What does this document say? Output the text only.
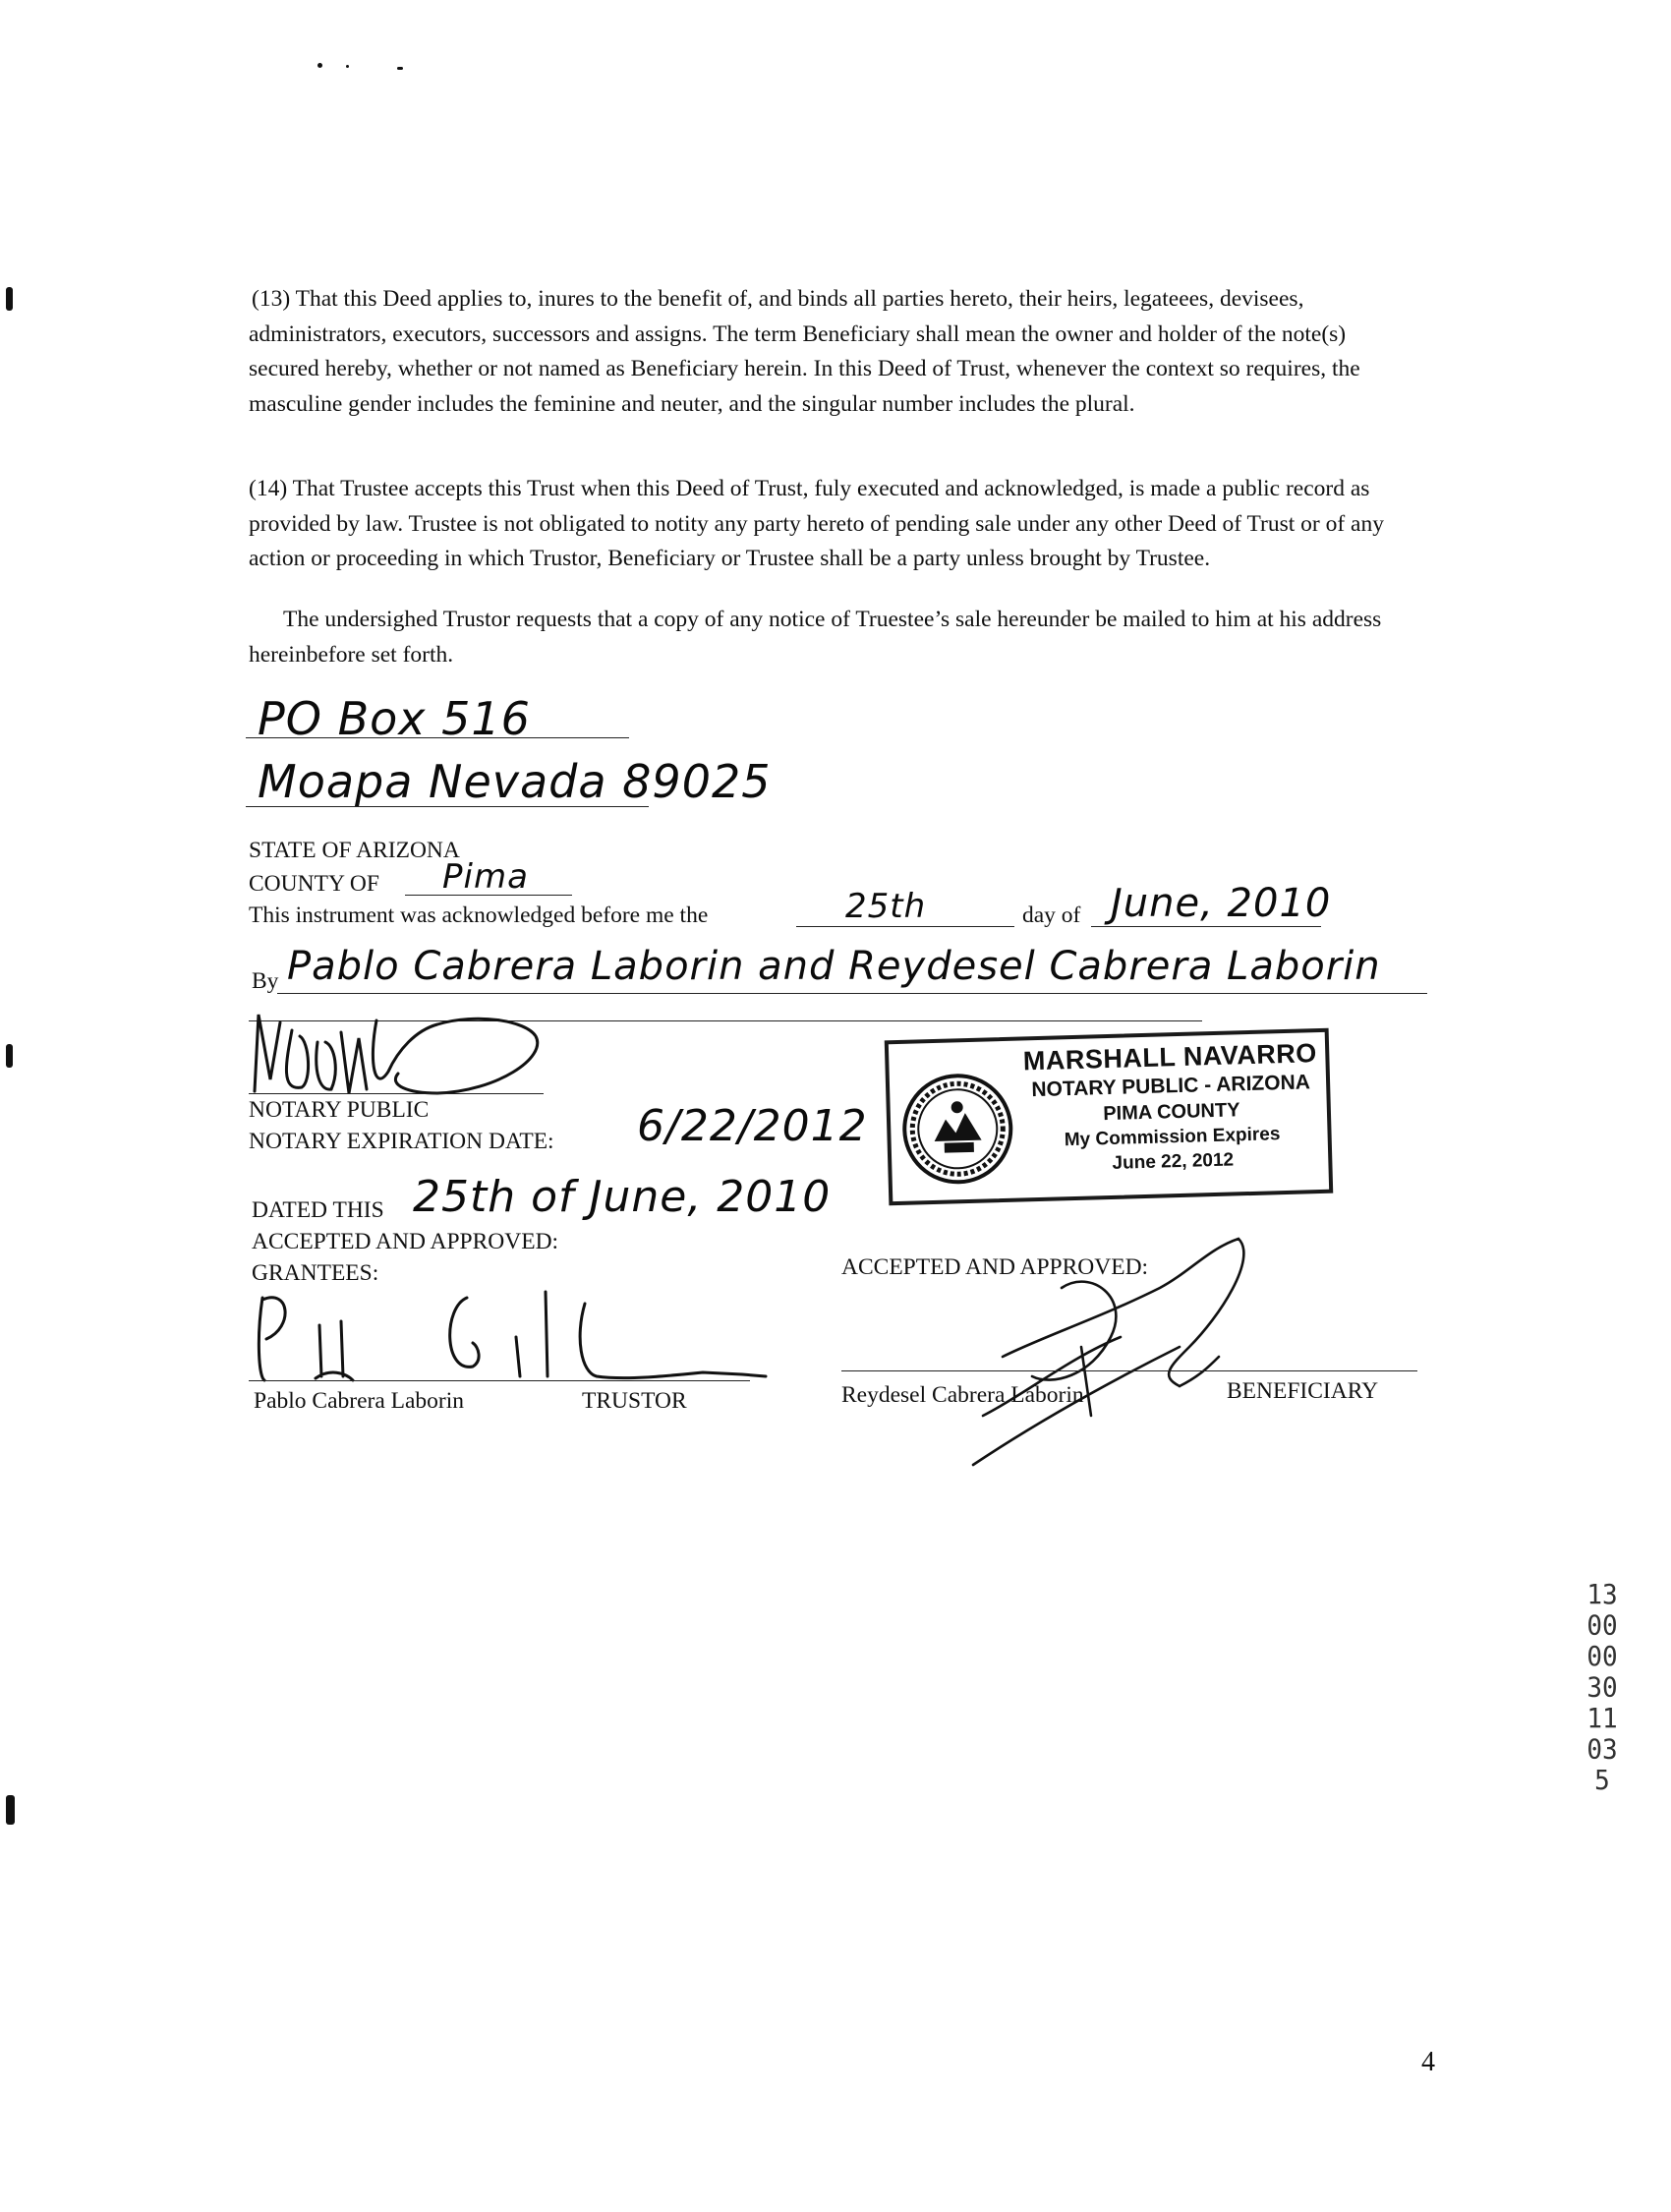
(13) That this Deed applies to, inures to the benefit of, and binds all parties hereto, their heirs, legateees, devisees, administrators, executors, successors and assigns. The term Beneficiary shall mean the owner and holder of the note(s) secured hereby, whether or not named as Beneficiary herein. In this Deed of Trust, whenever the context so requires, the masculine gender includes the feminine and neuter, and the singular number includes the plural.
(14) That Trustee accepts this Trust when this Deed of Trust, fuly executed and acknowledged, is made a public record as provided by law. Trustee is not obligated to notity any party hereto of pending sale under any other Deed of Trust or of any action or proceeding in which Trustor, Beneficiary or Trustee shall be a party unless brought by Trustee.
The undersighed Trustor requests that a copy of any notice of Truestee’s sale hereunder be mailed to him at his address hereinbefore set forth.
PO Box 516
Moapa Nevada 89025
STATE OF ARIZONA
COUNTY OF Pima
This instrument was acknowledged before me the	25th	day of June, 2010
By Pablo Cabrera Laborin and Reydesel Cabrera Laborin
NOTARY PUBLIC
NOTARY EXPIRATION DATE: 6/22/2012
MARSHALL NAVARRO
NOTARY PUBLIC - ARIZONA
PIMA COUNTY
My Commission Expires
June 22, 2012
DATED THIS 25th of June, 2010
ACCEPTED AND APPROVED:
GRANTEES:
Pablo Cabrera Laborin	TRUSTOR
ACCEPTED AND APPROVED:
Reydesel Cabrera Laborin	BENEFICIARY
1300003011035
4
